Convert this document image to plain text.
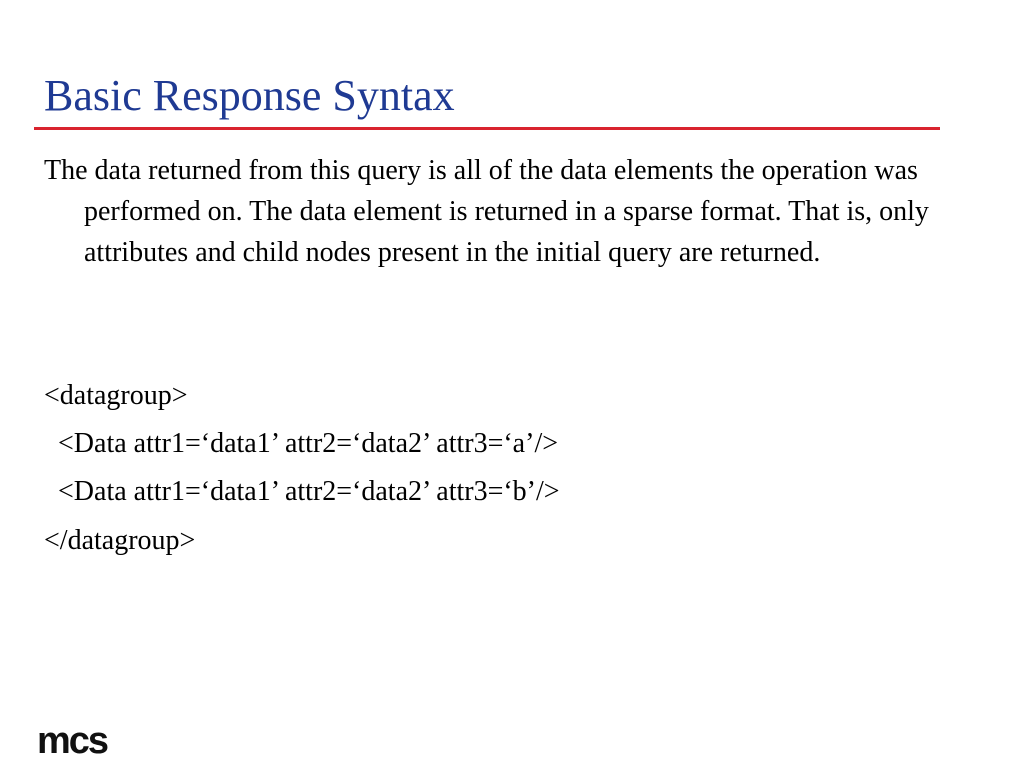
Basic Response Syntax

The data returned from this query is all of the data elements the operation was performed on. The data element is returned in a sparse format. That is, only attributes and child nodes present in the initial query are returned.

<datagroup>
<Data attr1=‘data1’ attr2=‘data2’ attr3=‘a’/>
<Data attr1=‘data1’ attr2=‘data2’ attr3=‘b’/>
</datagroup>
mcs
